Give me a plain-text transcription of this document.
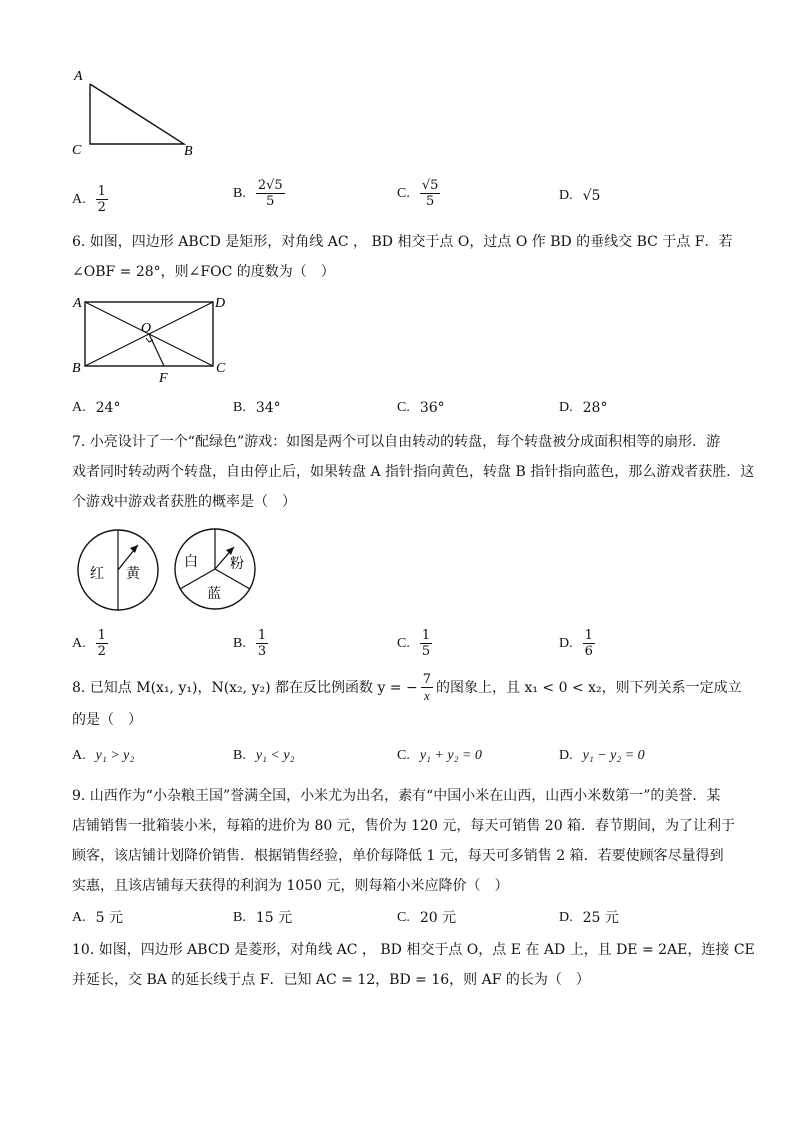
A
C	B
A. $\frac{1}{2}$	B. $\frac{2√5}{5}$	C. $\frac{√5}{5}$	D. √5
6. 如图，四边形 ABCD 是矩形，对角线 AC ， BD 相交于点 O，过点 O 作 BD 的垂线交 BC 于点 F．若
∠OBF = 28°，则∠FOC 的度数为（　）
A	D
B	C
O
F
A. 24°	B. 34°	C. 36°	D. 28°
7. 小亮设计了一个“配绿色”游戏：如图是两个可以自由转动的转盘，每个转盘被分成面积相等的扇形．游
戏者同时转动两个转盘，自由停止后，如果转盘 A 指针指向黄色，转盘 B 指针指向蓝色，那么游戏者获胜．这
个游戏中游戏者获胜的概率是（　）
红 黄
白 粉
蓝
A. $\frac{1}{2}$	B. $\frac{1}{3}$	C. $\frac{1}{5}$	D. $\frac{1}{6}$
8. 已知点 M(x₁, y₁)，N(x₂, y₂) 都在反比例函数 y = − $\frac{7}{x}$ 的图象上，且 x₁ < 0 < x₂，则下列关系一定成立
的是（　）
A. y₁ > y₂	B. y₁ < y₂	C. y₁ + y₂ = 0	D. y₁ − y₂ = 0
9. 山西作为“小杂粮王国”誉满全国，小米尤为出名，素有“中国小米在山西，山西小米数第一”的美誉．某
店铺销售一批箱装小米，每箱的进价为 80 元，售价为 120 元，每天可销售 20 箱．春节期间，为了让利于
顾客，该店铺计划降价销售．根据销售经验，单价每降低 1 元，每天可多销售 2 箱．若要使顾客尽量得到
实惠，且该店铺每天获得的利润为 1050 元，则每箱小米应降价（　）
A. 5 元	B. 15 元	C. 20 元	D. 25 元
10. 如图，四边形 ABCD 是菱形，对角线 AC ， BD 相交于点 O，点 E 在 AD 上，且 DE = 2AE，连接 CE
并延长，交 BA 的延长线于点 F．已知 AC = 12，BD = 16，则 AF 的长为（　）
